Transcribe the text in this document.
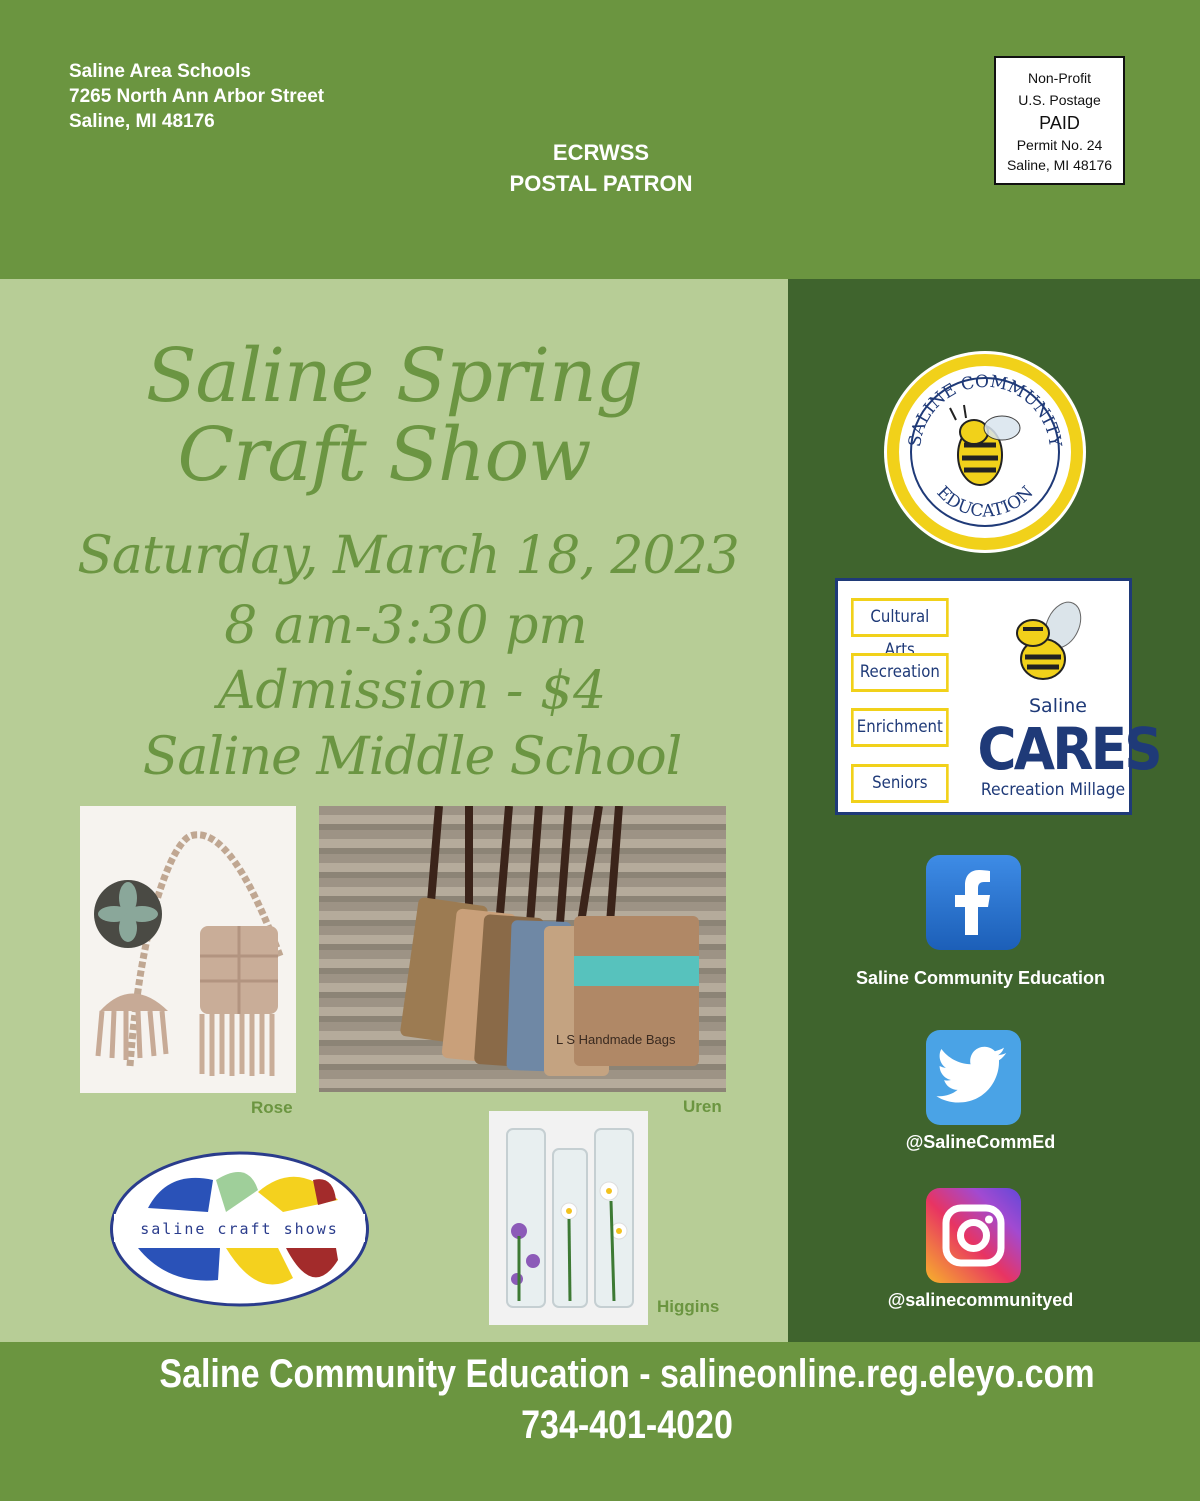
Saline Area Schools
7265 North Ann Arbor Street
Saline, MI 48176
ECRWSS
POSTAL PATRON
Non-Profit
U.S. Postage
PAID
Permit No. 24
Saline, MI 48176
Saline Spring
Craft Show
Saturday, March 18, 2023
8 am-3:30 pm
Admission - $4
Saline Middle School
L S Handmade Bags
Rose	Uren
Higgins
saline craft shows
SALINE COMMUNITY
EDUCATION
Cultural Arts
Recreation
Enrichment
Seniors
Saline
CARES
Recreation Millage
Saline Community Education
@SalineCommEd
@salinecommunityed
Saline Community Education - salineonline.reg.eleyo.com
734-401-4020
